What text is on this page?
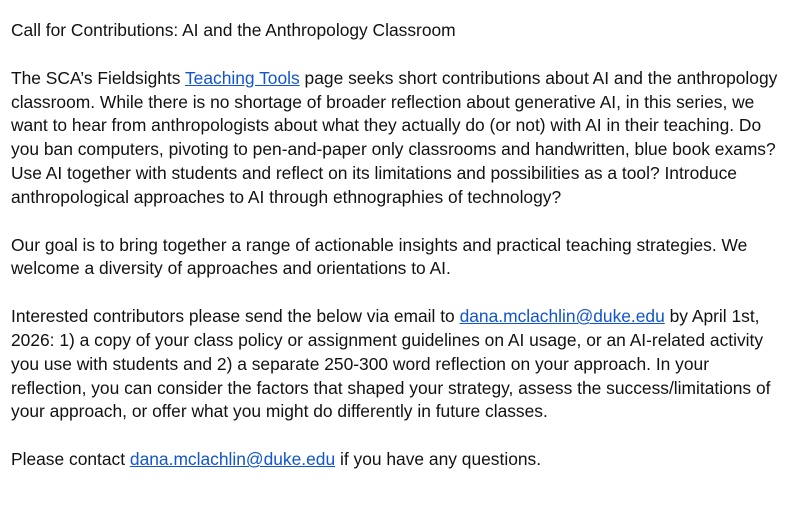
Call for Contributions: AI and the Anthropology Classroom

The SCA’s Fieldsights Teaching Tools page seeks short contributions about AI and the anthropology classroom. While there is no shortage of broader reflection about generative AI, in this series, we want to hear from anthropologists about what they actually do (or not) with AI in their teaching. Do you ban computers, pivoting to pen-and-paper only classrooms and handwritten, blue book exams? Use AI together with students and reflect on its limitations and possibilities as a tool? Introduce anthropological approaches to AI through ethnographies of technology?

Our goal is to bring together a range of actionable insights and practical teaching strategies. We welcome a diversity of approaches and orientations to AI.

Interested contributors please send the below via email to dana.mclachlin@duke.edu by April 1st, 2026: 1) a copy of your class policy or assignment guidelines on AI usage, or an AI-related activity you use with students and 2) a separate 250-300 word reflection on your approach. In your reflection, you can consider the factors that shaped your strategy, assess the success/limitations of your approach, or offer what you might do differently in future classes.

Please contact dana.mclachlin@duke.edu if you have any questions.
